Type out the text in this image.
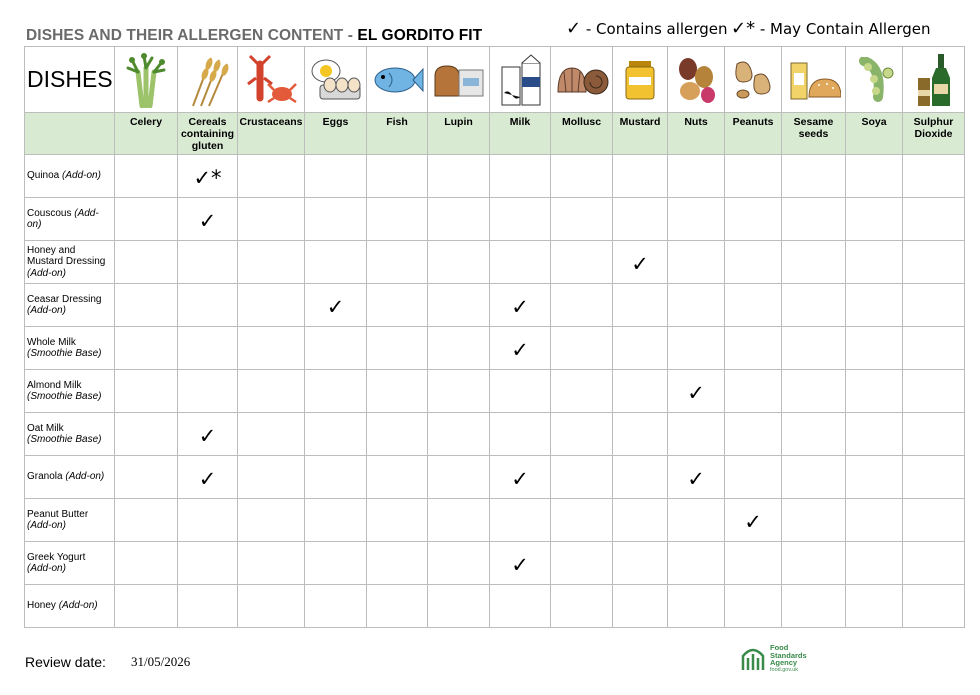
DISHES AND THEIR ALLERGEN CONTENT - EL GORDITO FIT	✓ - Contains allergen ✓* - May Contain Allergen
DISHES	

	Celery	Cereals containing gluten	Crustaceans	Eggs	Fish	Lupin	Milk	Mollusc	Mustard	Nuts	Peanuts	Sesame seeds	Soya	Sulphur Dioxide
Quinoa (Add-on)		✓*												
Couscous (Add-on)		✓												
Honey and Mustard Dressing (Add-on)									✓					
Ceasar Dressing (Add-on)				✓			✓							
Whole Milk (Smoothie Base)							✓							
Almond Milk (Smoothie Base)										✓				
Oat Milk (Smoothie Base)		✓												
Granola (Add-on)		✓					✓			✓				
Peanut Butter (Add-on)											✓			
Greek Yogurt (Add-on)							✓							
Honey (Add-on)														
Review date: 31/05/2026
Food
Standards
Agency
food.gov.uk
